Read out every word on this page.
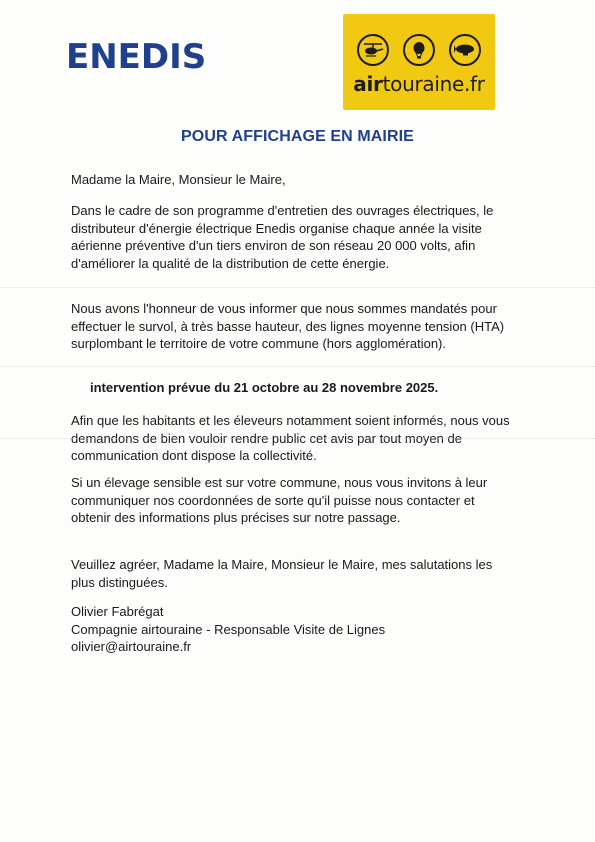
ENEDIS
airtouraine.fr
POUR AFFICHAGE EN MAIRIE

Madame la Maire, Monsieur le Maire,

Dans le cadre de son programme d'entretien des ouvrages électriques, le distributeur d'énergie électrique Enedis organise chaque année la visite aérienne préventive d'un tiers environ de son réseau 20 000 volts, afin d'améliorer la qualité de la distribution de cette énergie.

Nous avons l'honneur de vous informer que nous sommes mandatés pour effectuer le survol, à très basse hauteur, des lignes moyenne tension (HTA) surplombant le territoire de votre commune (hors agglomération).

intervention prévue du 21 octobre au 28 novembre 2025.

Afin que les habitants et les éleveurs notamment soient informés, nous vous demandons de bien vouloir rendre public cet avis par tout moyen de communication dont dispose la collectivité.

Si un élevage sensible est sur votre commune, nous vous invitons à leur communiquer nos coordonnées de sorte qu'il puisse nous contacter et obtenir des informations plus précises sur notre passage.

Veuillez agréer, Madame la Maire, Monsieur le Maire, mes salutations les plus distinguées.

Olivier Fabrégat
Compagnie airtouraine - Responsable Visite de Lignes
olivier@airtouraine.fr
